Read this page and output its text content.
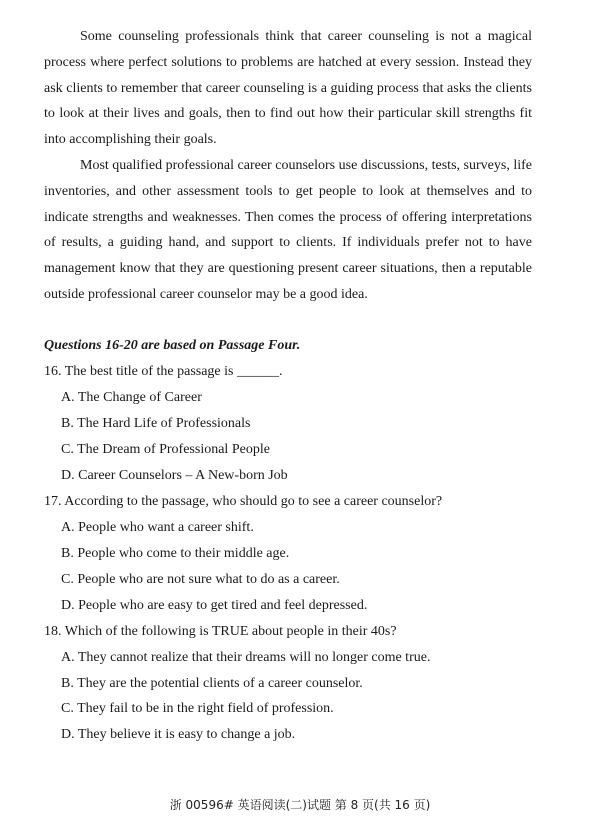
Some counseling professionals think that career counseling is not a magical process where perfect solutions to problems are hatched at every session. Instead they ask clients to remember that career counseling is a guiding process that asks the clients to look at their lives and goals, then to find out how their particular skill strengths fit into accomplishing their goals.

Most qualified professional career counselors use discussions, tests, surveys, life inventories, and other assessment tools to get people to look at themselves and to indicate strengths and weaknesses. Then comes the process of offering interpretations of results, a guiding hand, and support to clients. If individuals prefer not to have management know that they are questioning present career situations, then a reputable outside professional career counselor may be a good idea.

Questions 16-20 are based on Passage Four.

16. The best title of the passage is ______.

A. The Change of Career

B. The Hard Life of Professionals

C. The Dream of Professional People

D. Career Counselors – A New-born Job

17. According to the passage, who should go to see a career counselor?

A. People who want a career shift.

B. People who come to their middle age.

C. People who are not sure what to do as a career.

D. People who are easy to get tired and feel depressed.

18. Which of the following is TRUE about people in their 40s?

A. They cannot realize that their dreams will no longer come true.

B. They are the potential clients of a career counselor.

C. They fail to be in the right field of profession.

D. They believe it is easy to change a job.

浙 00596# 英语阅读(二)试题 第 8 页(共 16 页)
